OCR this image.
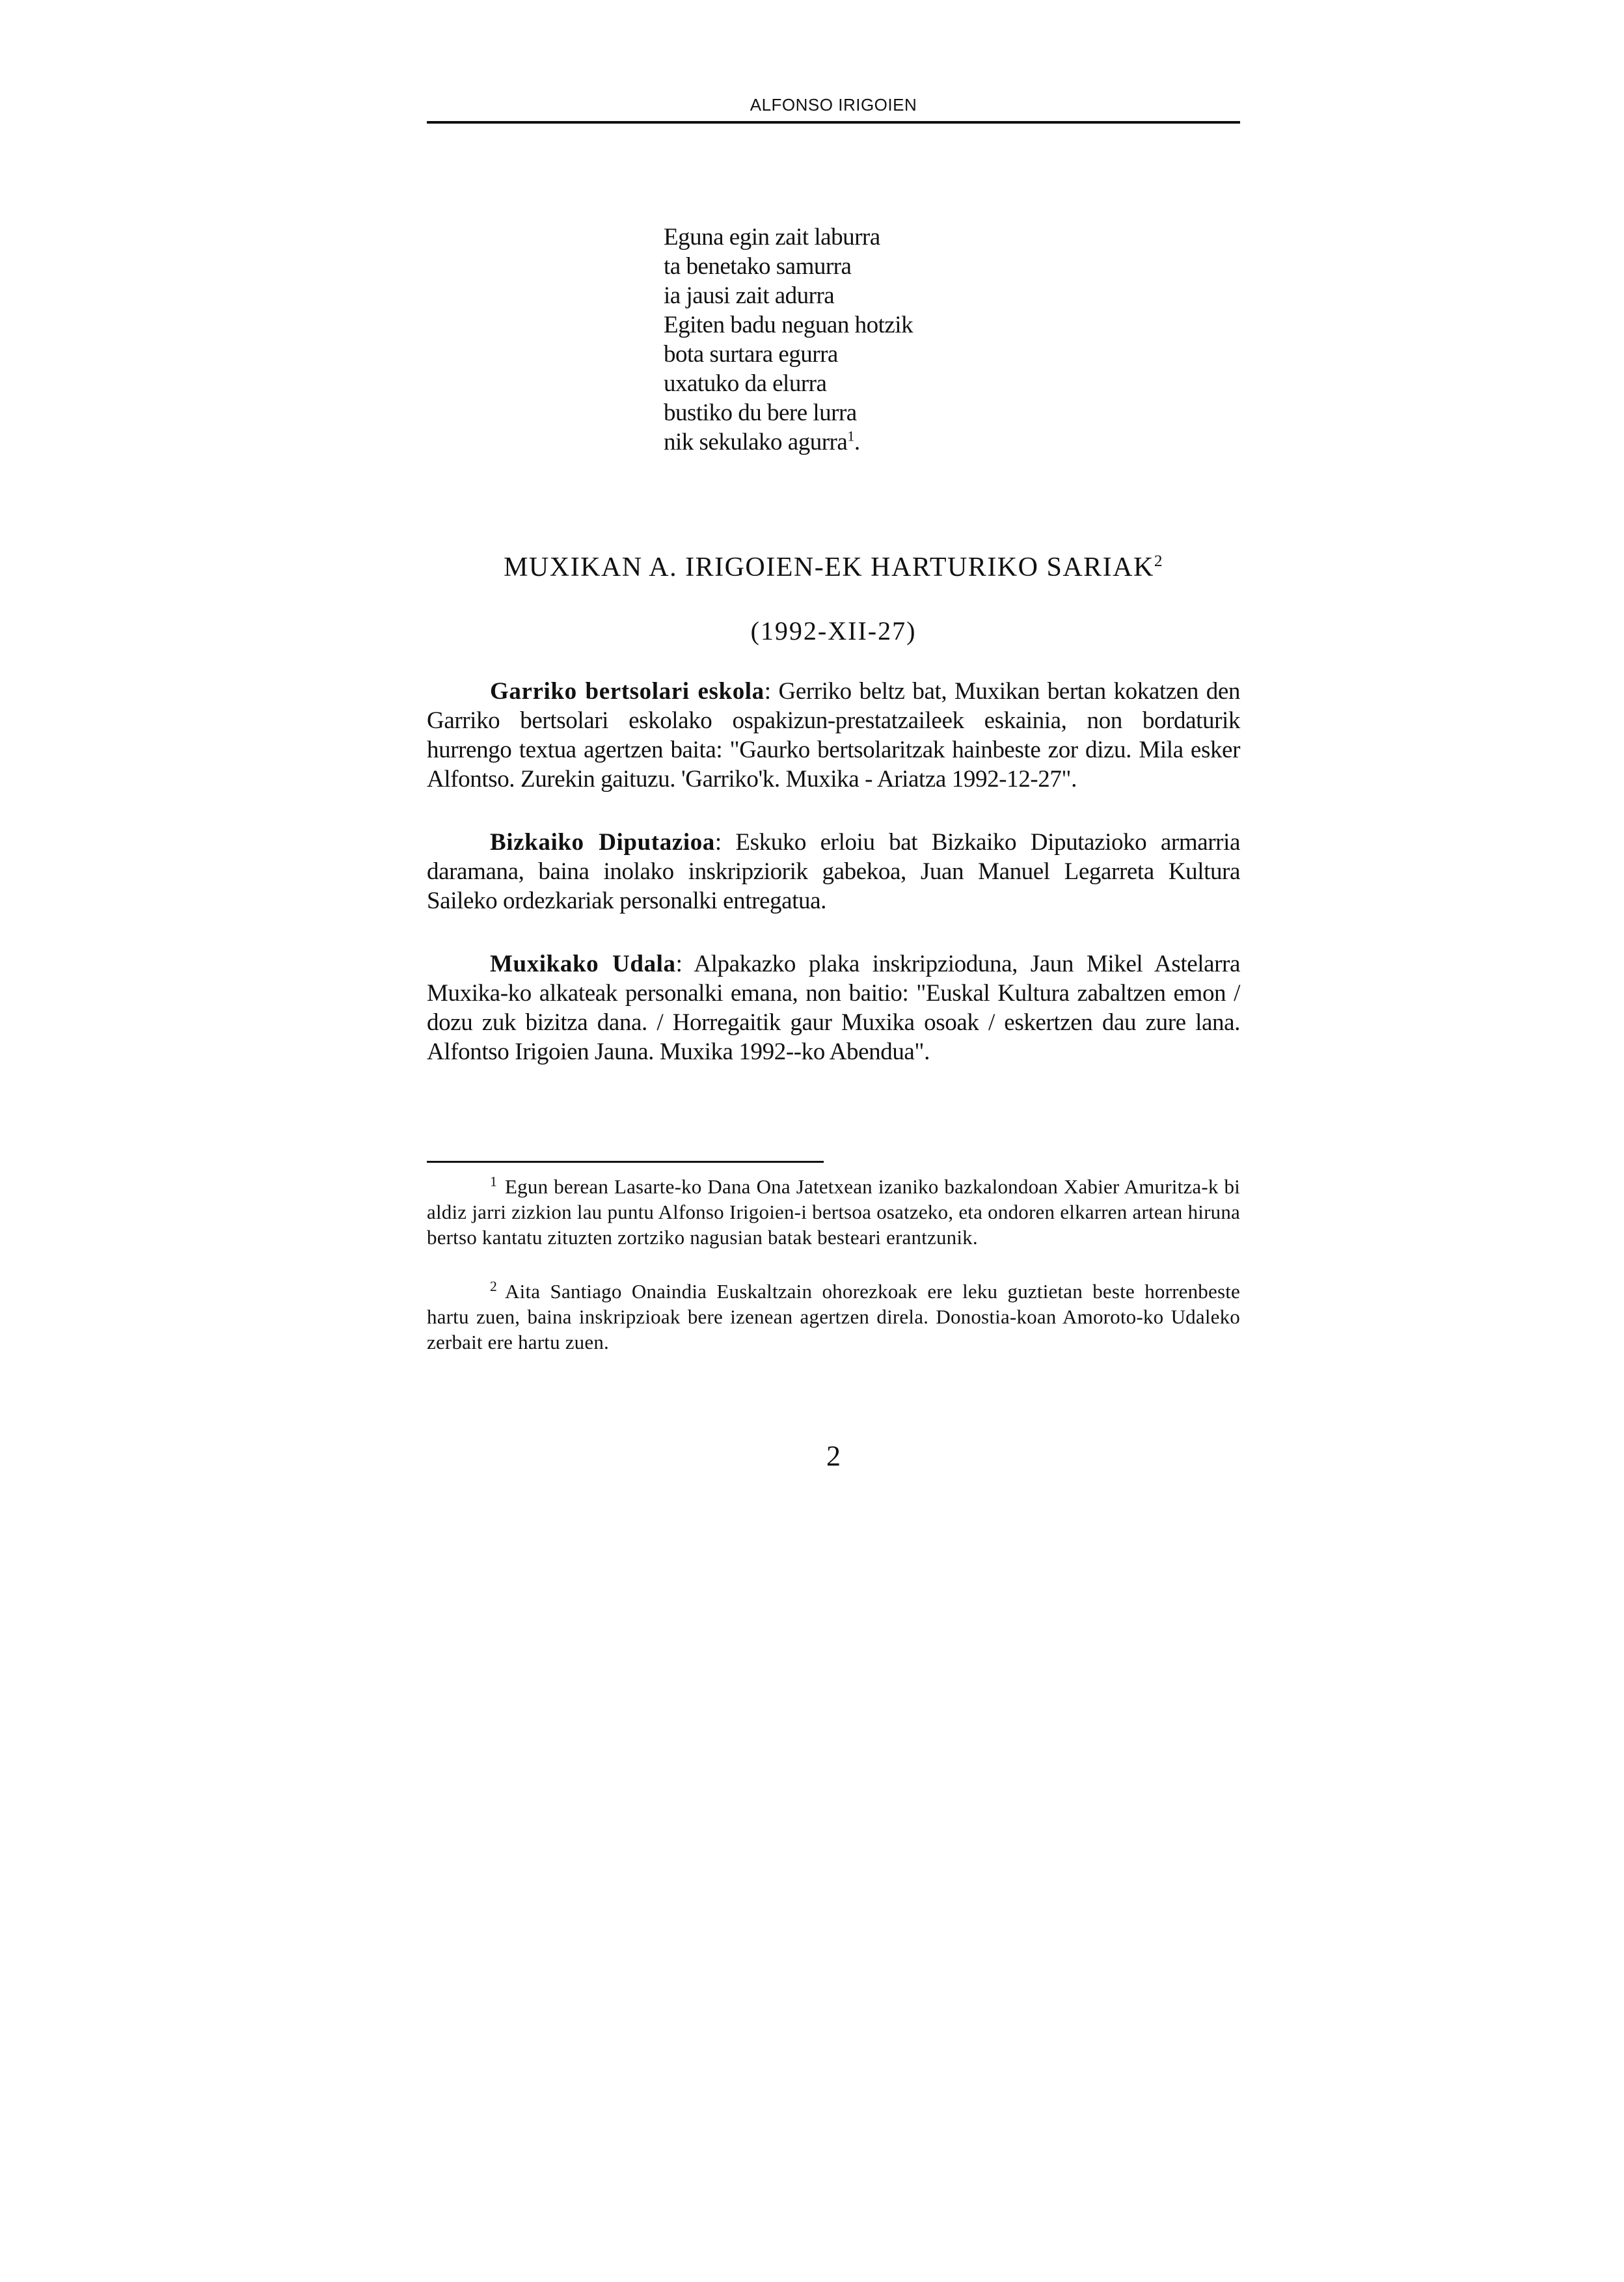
ALFONSO IRIGOIEN
Eguna egin zait laburra
ta benetako samurra
ia jausi zait adurra
Egiten badu neguan hotzik
bota surtara egurra
uxatuko da elurra
bustiko du bere lurra
nik sekulako agurra$^1$.
MUXIKAN A. IRIGOIEN-EK HARTURIKO SARIAK$^2$
(1992-XII-27)

Garriko bertsolari eskola: Gerriko beltz bat, Muxikan bertan kokatzen den Garriko bertsolari eskolako ospakizun-prestatzaileek eskainia, non bordaturik hurrengo textua agertzen baita: "Gaurko bertsolaritzak hainbeste zor dizu. Mila esker Alfontso. Zurekin gaituzu. 'Garriko'k. Muxika - Ariatza 1992-12-27".

Bizkaiko Diputazioa: Eskuko erloiu bat Bizkaiko Diputazioko armarria daramana, baina inolako inskripziorik gabekoa, Juan Manuel Legarreta Kultura Saileko ordezkariak personalki entregatua.

Muxikako Udala: Alpakazko plaka inskripzioduna, Jaun Mikel Astelarra Muxika-ko alkateak personalki emana, non baitio: "Euskal Kultura zabaltzen emon / dozu zuk bizitza dana. / Horregaitik gaur Muxika osoak / eskertzen dau zure lana. Alfontso Irigoien Jauna. Muxika 1992--ko Abendua".

$^1$ Egun berean Lasarte-ko Dana Ona Jatetxean izaniko bazkalondoan Xabier Amuritza-k bi aldiz jarri zizkion lau puntu Alfonso Irigoien-i bertsoa osatzeko, eta ondoren elkarren artean hiruna bertso kantatu zituzten zortziko nagusian batak besteari erantzunik.

$^2$ Aita Santiago Onaindia Euskaltzain ohorezkoak ere leku guztietan beste horrenbeste hartu zuen, baina inskripzioak bere izenean agertzen direla. Donostia-koan Amoroto-ko Udaleko zerbait ere hartu zuen.

2
